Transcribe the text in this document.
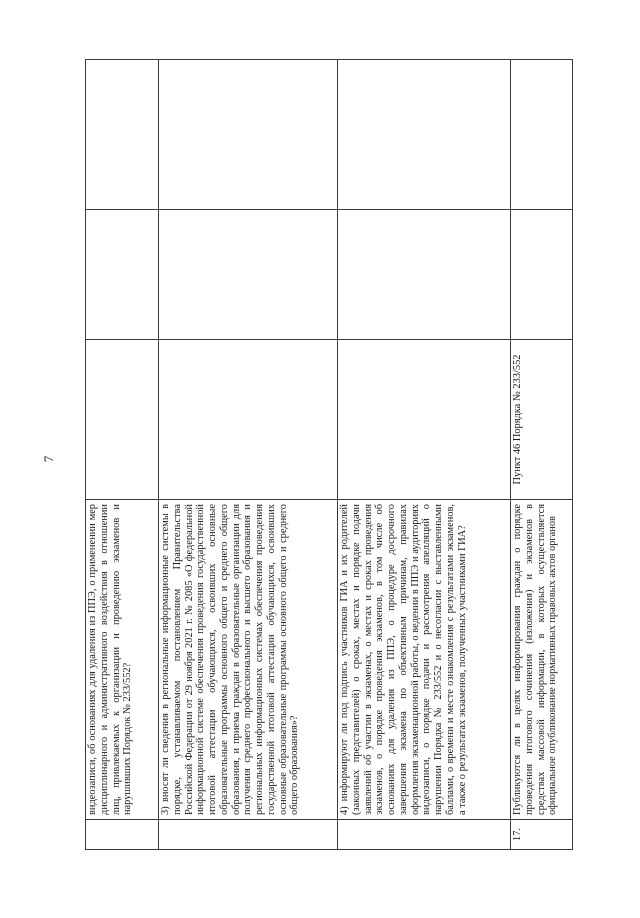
7
	видеозаписи, об основаниях для удаления из ППЭ, о применении мер дисциплинарного и административного воздействия в отношении лиц, привлекаемых к организации и проведению экзаменов и нарушивших Порядок № 233/552?			
	3) вносят ли сведения в региональные информационные системы в порядке, устанавливаемом постановлением Правительства Российской Федерации от 29 ноября 2021 г. № 2085 «О федеральной информационной системе обеспечения проведения государственной итоговой аттестации обучающихся, освоивших основные образовательные программы основного общего и среднего общего образования, и приема граждан в образовательные организации для получения среднего профессионального и высшего образования и региональных информационных системах обеспечения проведения государственной итоговой аттестации обучающихся, освоивших основные образовательные программы основного общего и среднего общего образования»?			
	4) информируют ли под подпись участников ГИА и их родителей (законных представителей) о сроках, местах и порядке подачи заявлений об участии в экзаменах, о местах и сроках проведения экзаменов, о порядке проведения экзаменов, в том числе об основаниях для удаления из ППЭ, о процедуре досрочного завершения экзамена по объективным причинам, правилах оформления экзаменационной работы, о ведении в ППЭ и аудиториях видеозаписи, о порядке подачи и рассмотрения апелляций о нарушении Порядка № 233/552 и о несогласии с выставленными баллами, о времени и месте ознакомления с результатами экзаменов, а также о результатах экзаменов, полученных участниками ГИА?			
17.	Публикуются ли в целях информирования граждан о порядке проведения итогового сочинения (изложения) и экзаменов в средствах массовой информации, в которых осуществляется официальное опубликование нормативных правовых актов органов	Пункт 46 Порядка № 233/552		
